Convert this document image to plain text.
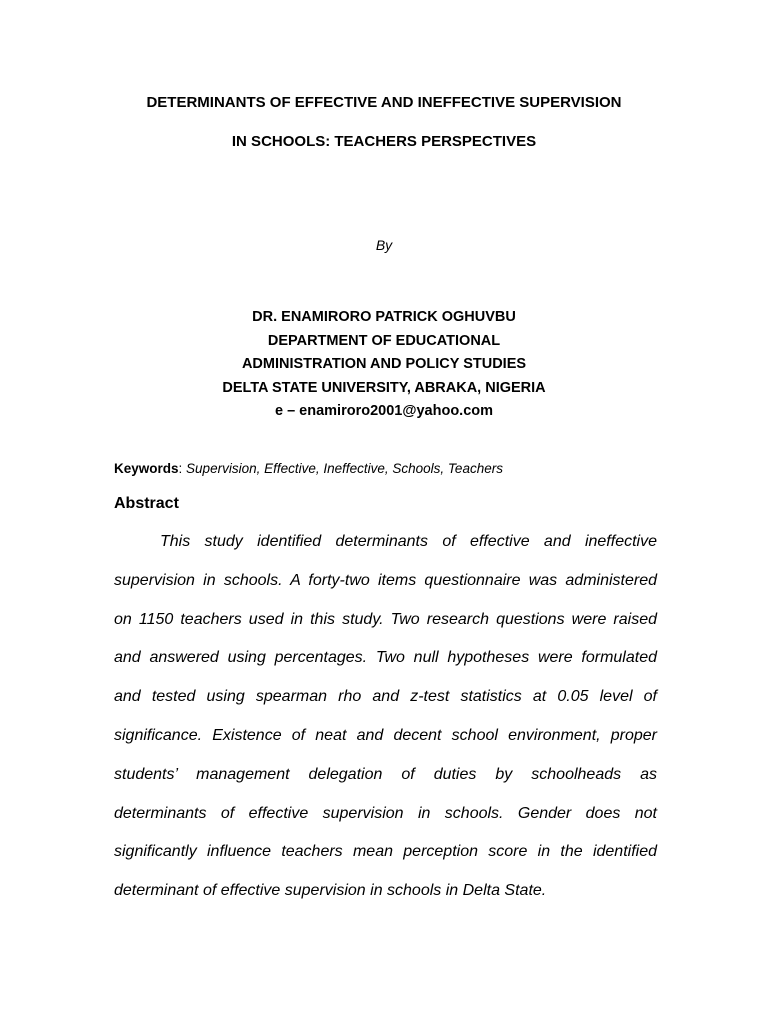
DETERMINANTS OF EFFECTIVE AND INEFFECTIVE SUPERVISION
IN SCHOOLS: TEACHERS PERSPECTIVES
By
DR. ENAMIRORO PATRICK OGHUVBU
DEPARTMENT OF EDUCATIONAL
ADMINISTRATION AND POLICY STUDIES
DELTA STATE UNIVERSITY, ABRAKA, NIGERIA
e – enamiroro2001@yahoo.com
Keywords: Supervision, Effective, Ineffective, Schools, Teachers
Abstract
This study identified determinants of effective and ineffective
supervision in schools. A forty-two items questionnaire was administered
on 1150 teachers used in this study. Two research questions were raised
and answered using percentages. Two null hypotheses were formulated
and tested using spearman rho and z-test statistics at 0.05 level of
significance. Existence of neat and decent school environment, proper
students’ management delegation of duties by schoolheads as
determinants of effective supervision in schools. Gender does not
significantly influence teachers mean perception score in the identified
determinant of effective supervision in schools in Delta State.
